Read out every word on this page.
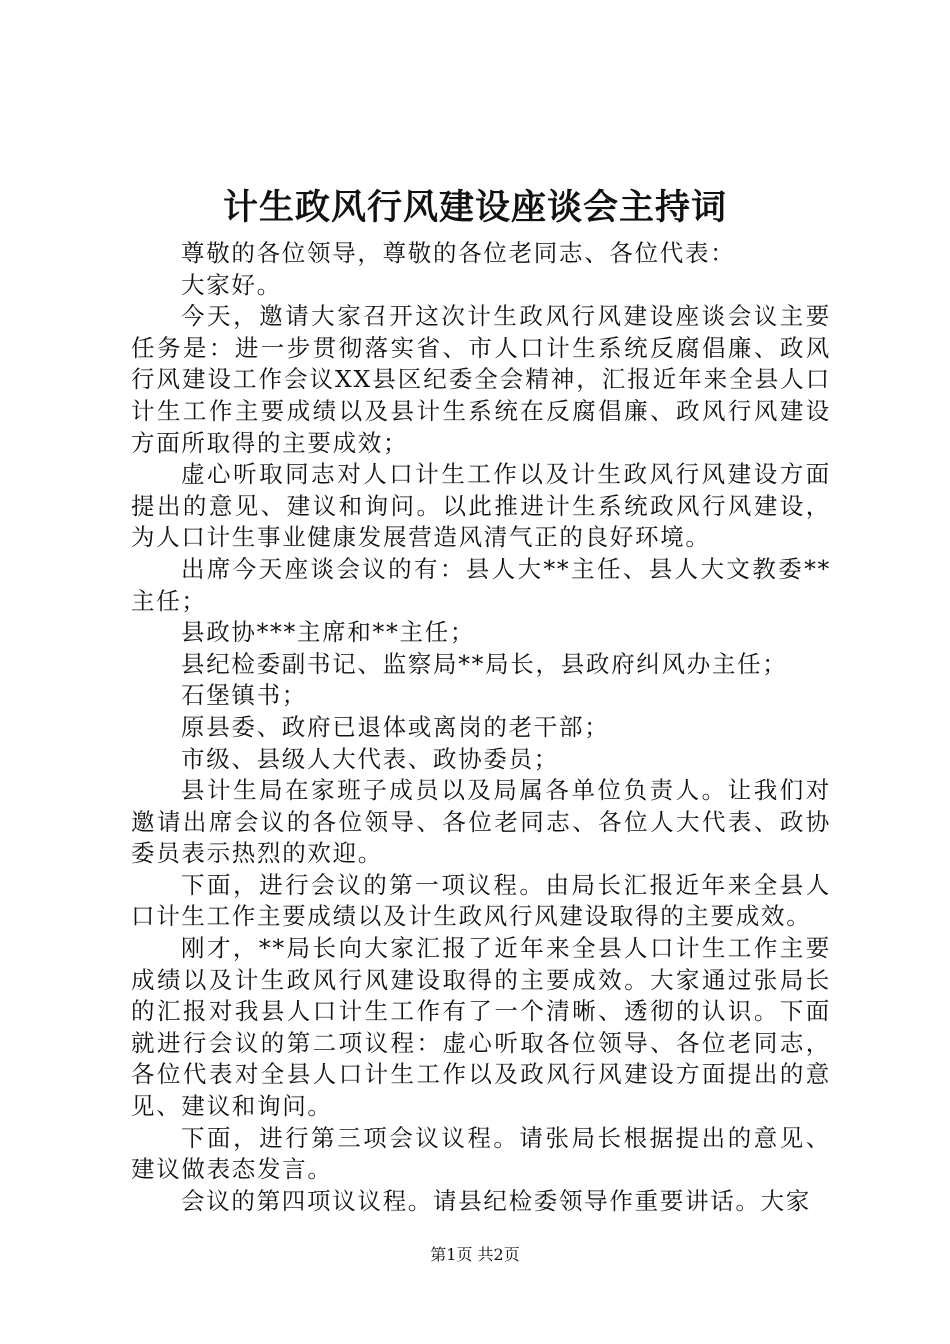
计生政风行风建设座谈会主持词

尊敬的各位领导，尊敬的各位老同志、各位代表：

大家好。

今天，邀请大家召开这次计生政风行风建设座谈会议主要任务是：进一步贯彻落实省、市人口计生系统反腐倡廉、政风行风建设工作会议XX县区纪委全会精神，汇报近年来全县人口计生工作主要成绩以及县计生系统在反腐倡廉、政风行风建设方面所取得的主要成效；

虚心听取同志对人口计生工作以及计生政风行风建设方面提出的意见、建议和询问。以此推进计生系统政风行风建设，为人口计生事业健康发展营造风清气正的良好环境。

出席今天座谈会议的有：县人大**主任、县人大文教委**主任；

县政协***主席和**主任；

县纪检委副书记、监察局**局长，县政府纠风办主任；

石堡镇书；

原县委、政府已退体或离岗的老干部；

市级、县级人大代表、政协委员；

县计生局在家班子成员以及局属各单位负责人。让我们对邀请出席会议的各位领导、各位老同志、各位人大代表、政协委员表示热烈的欢迎。

下面，进行会议的第一项议程。由局长汇报近年来全县人口计生工作主要成绩以及计生政风行风建设取得的主要成效。

刚才，**局长向大家汇报了近年来全县人口计生工作主要成绩以及计生政风行风建设取得的主要成效。大家通过张局长的汇报对我县人口计生工作有了一个清晰、透彻的认识。下面就进行会议的第二项议程：虚心听取各位领导、各位老同志，各位代表对全县人口计生工作以及政风行风建设方面提出的意见、建议和询问。

下面，进行第三项会议议程。请张局长根据提出的意见、建议做表态发言。

会议的第四项议议程。请县纪检委领导作重要讲话。大家

第1页 共2页
